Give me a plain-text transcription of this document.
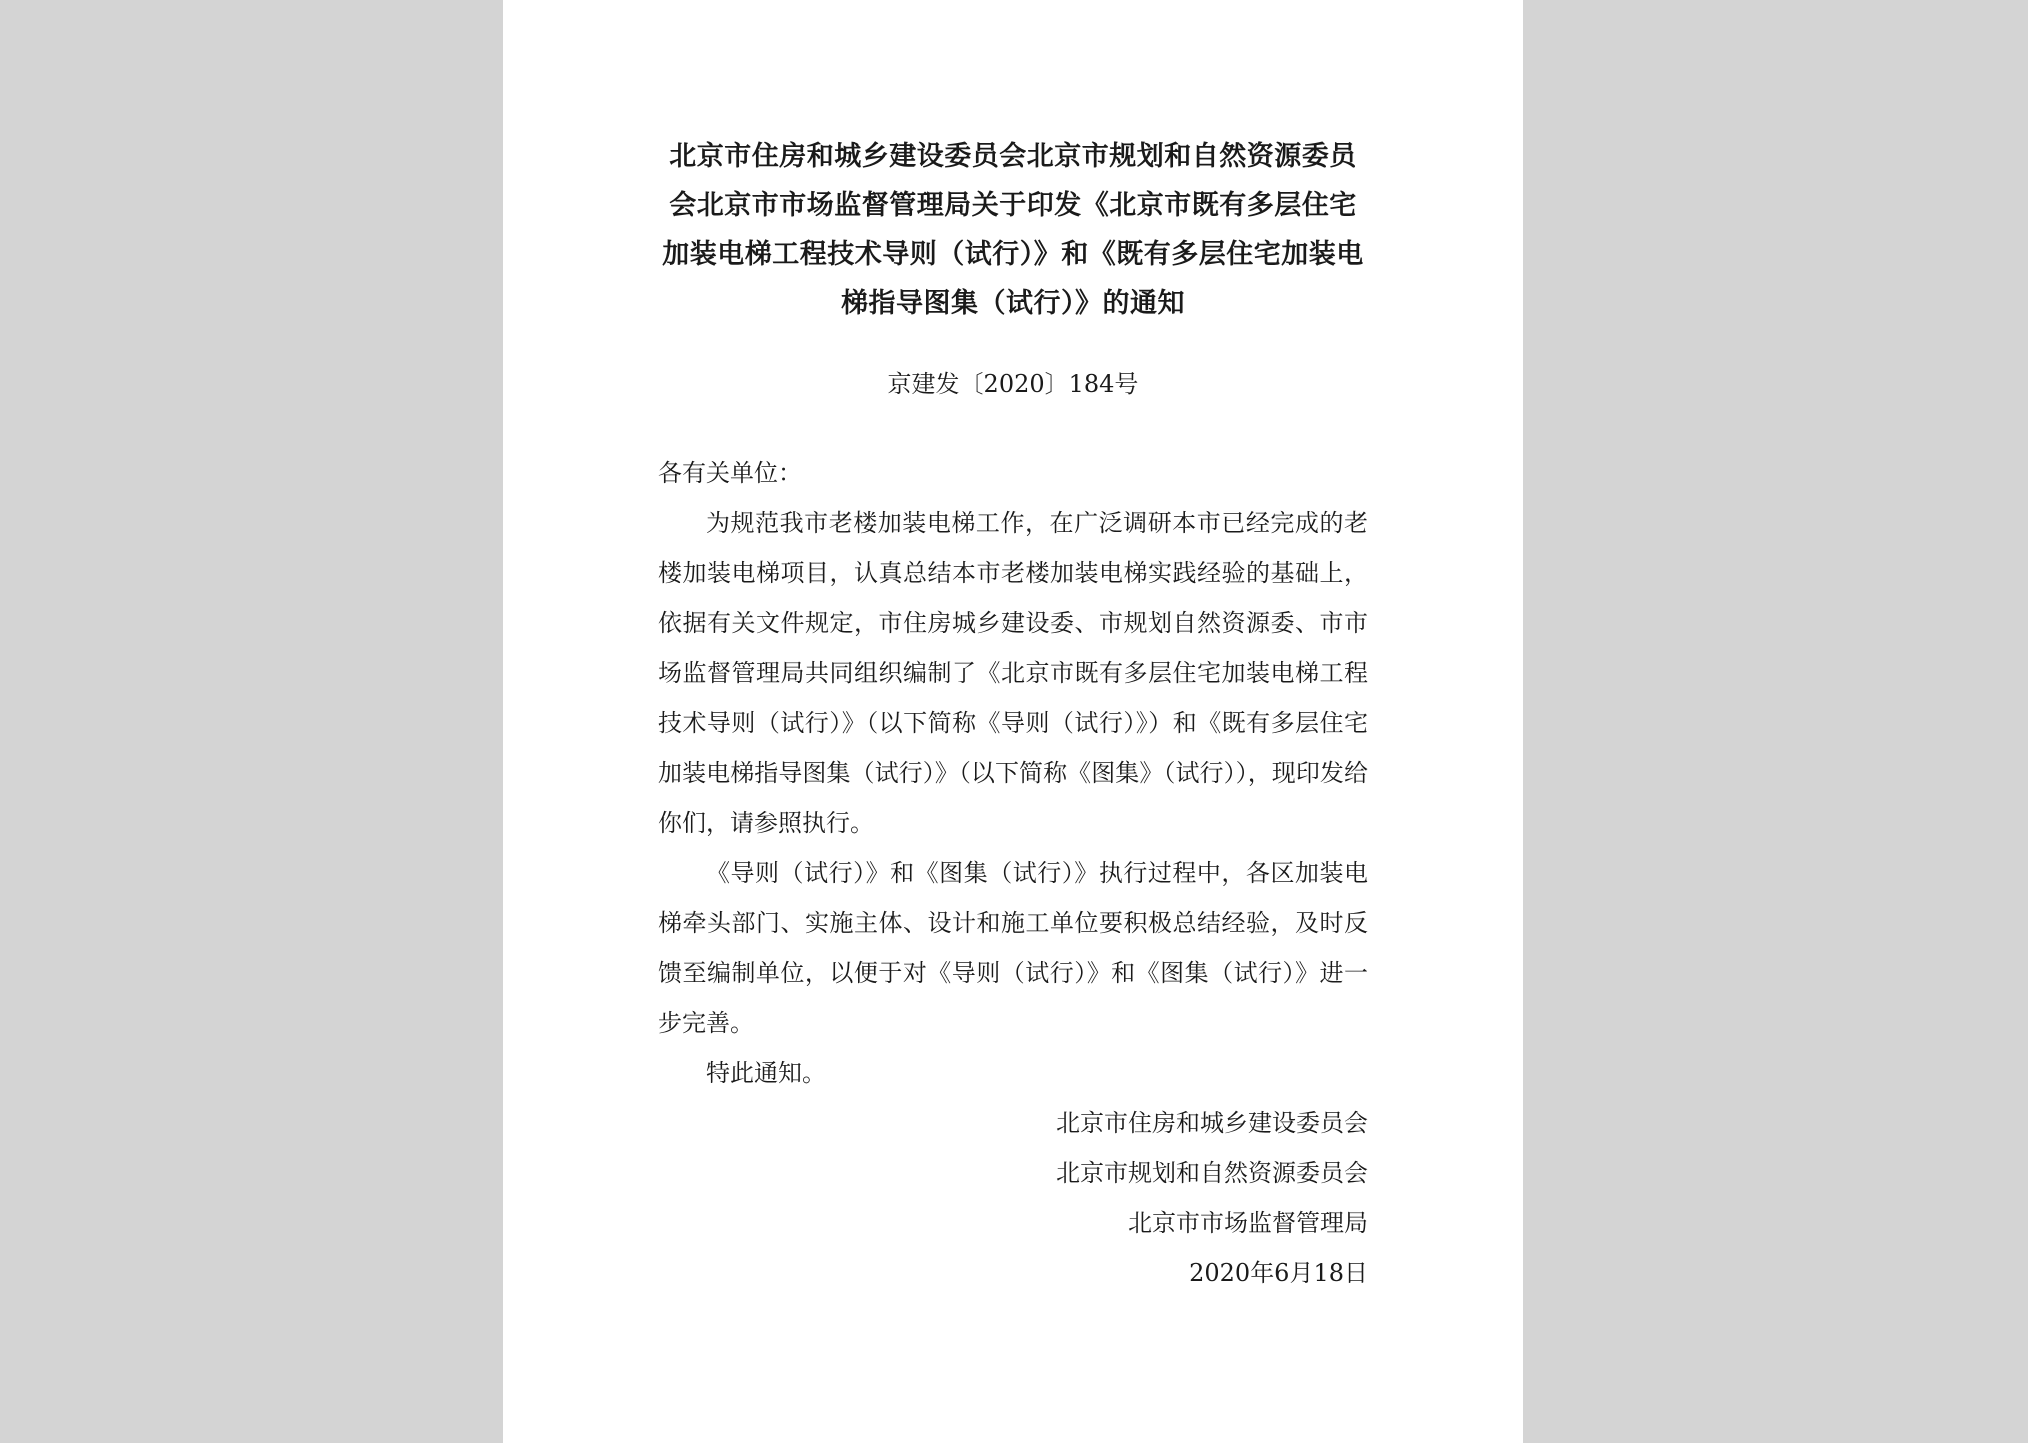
北京市住房和城乡建设委员会北京市规划和自然资源委员会北京市市场监督管理局关于印发《北京市既有多层住宅加装电梯工程技术导则（试行）》和《既有多层住宅加装电梯指导图集（试行）》的通知
京建发〔2020〕184号

各有关单位：

为规范我市老楼加装电梯工作，在广泛调研本市已经完成的老楼加装电梯项目，认真总结本市老楼加装电梯实践经验的基础上，依据有关文件规定，市住房城乡建设委、市规划自然资源委、市市场监督管理局共同组织编制了《北京市既有多层住宅加装电梯工程技术导则（试行）》（以下简称《导则（试行）》）和《既有多层住宅加装电梯指导图集（试行）》（以下简称《图集》（试行）），现印发给你们，请参照执行。

《导则（试行）》和《图集（试行）》执行过程中，各区加装电梯牵头部门、实施主体、设计和施工单位要积极总结经验，及时反馈至编制单位，以便于对《导则（试行）》和《图集（试行）》进一步完善。

特此通知。

北京市住房和城乡建设委员会
北京市规划和自然资源委员会
北京市市场监督管理局
2020年6月18日
